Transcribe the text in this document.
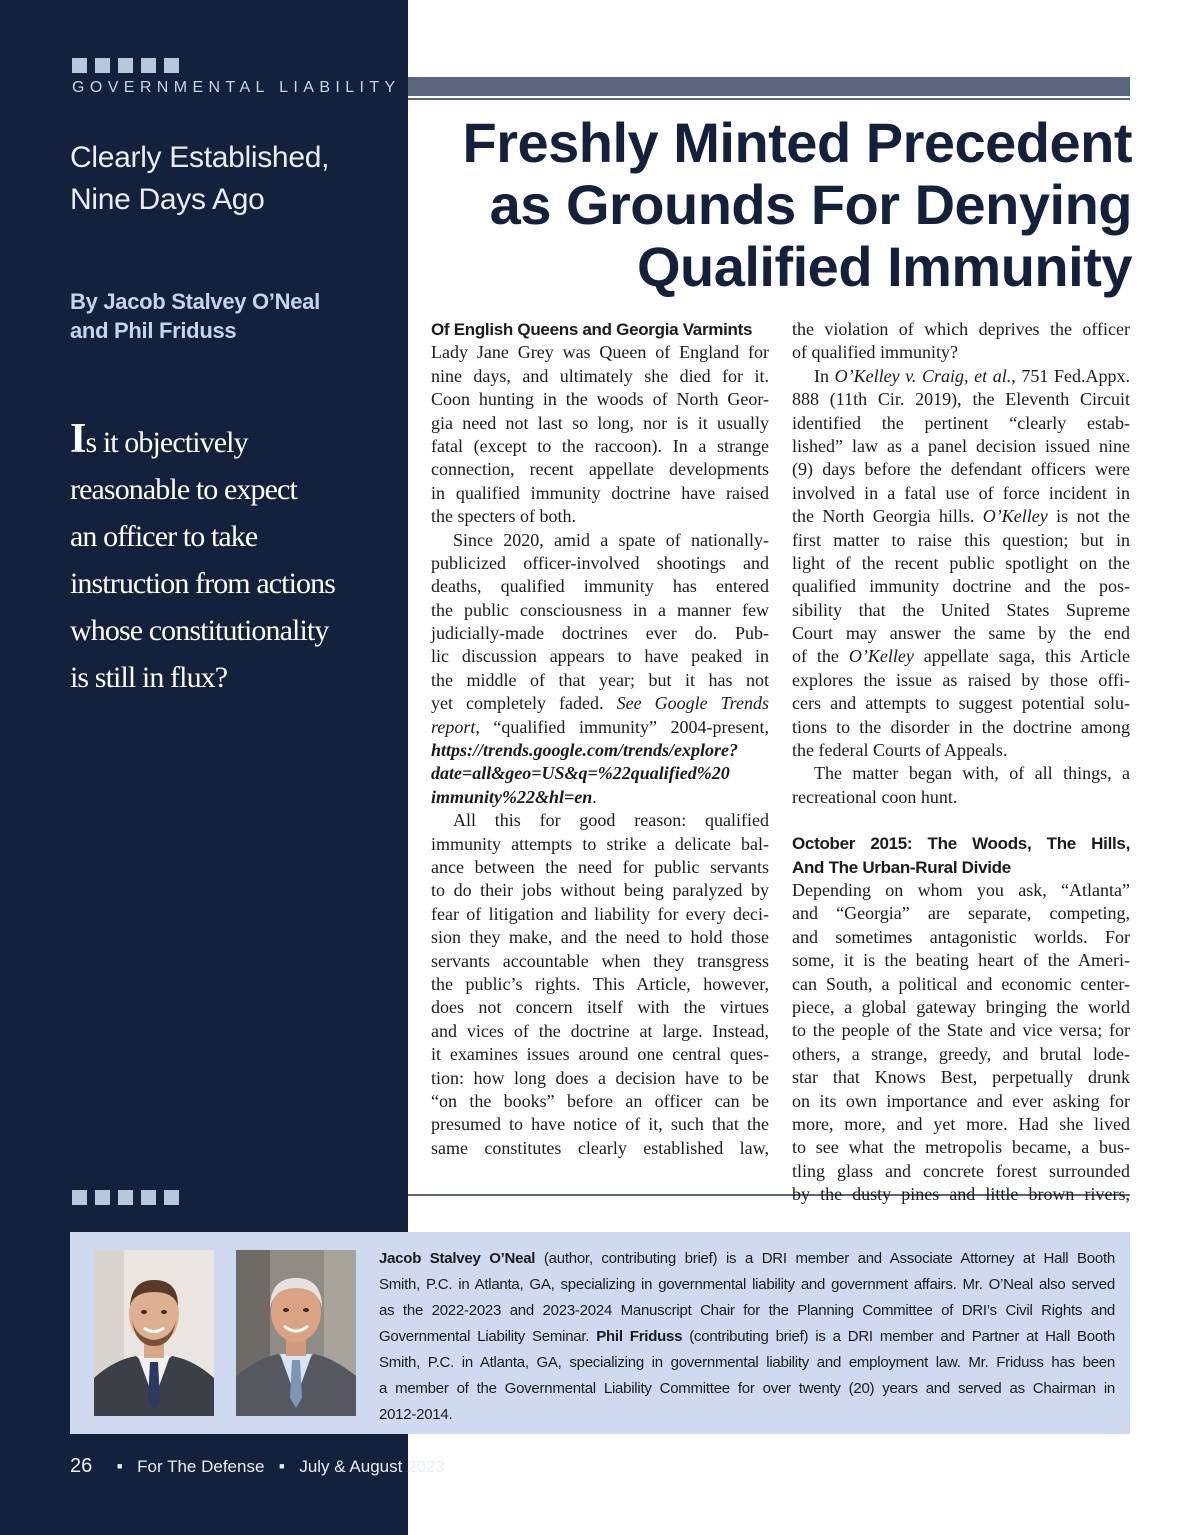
GOVERNMENTAL LIABILITY
Clearly Established,
Nine Days Ago
By Jacob Stalvey O’Neal
and Phil Friduss
Is it objectively
reasonable to expect
an officer to take
instruction from actions
whose constitutionality
is still in flux?
Freshly Minted Precedent
as Grounds For Denying
Qualified Immunity
Of English Queens and Georgia Varmints
Lady Jane Grey was Queen of England for
nine days, and ultimately she died for it.
Coon hunting in the woods of North Geor-
gia need not last so long, nor is it usually
fatal (except to the raccoon). In a strange
connection, recent appellate developments
in qualified immunity doctrine have raised
the specters of both.
Since 2020, amid a spate of nationally-
publicized officer-involved shootings and
deaths, qualified immunity has entered
the public consciousness in a manner few
judicially-made doctrines ever do. Pub-
lic discussion appears to have peaked in
the middle of that year; but it has not
yet completely faded. See Google Trends
report, “qualified immunity” 2004-present,
https://trends.google.com/trends/explore?
date=all&geo=US&q=%22qualified%20
immunity%22&hl=en.
All this for good reason: qualified
immunity attempts to strike a delicate bal-
ance between the need for public servants
to do their jobs without being paralyzed by
fear of litigation and liability for every deci-
sion they make, and the need to hold those
servants accountable when they transgress
the public’s rights. This Article, however,
does not concern itself with the virtues
and vices of the doctrine at large. Instead,
it examines issues around one central ques-
tion: how long does a decision have to be
“on the books” before an officer can be
presumed to have notice of it, such that the
same constitutes clearly established law,
the violation of which deprives the officer
of qualified immunity?
In O’Kelley v. Craig, et al., 751 Fed.Appx.
888 (11th Cir. 2019), the Eleventh Circuit
identified the pertinent “clearly estab-
lished” law as a panel decision issued nine
(9) days before the defendant officers were
involved in a fatal use of force incident in
the North Georgia hills. O’Kelley is not the
first matter to raise this question; but in
light of the recent public spotlight on the
qualified immunity doctrine and the pos-
sibility that the United States Supreme
Court may answer the same by the end
of the O’Kelley appellate saga, this Article
explores the issue as raised by those offi-
cers and attempts to suggest potential solu-
tions to the disorder in the doctrine among
the federal Courts of Appeals.
The matter began with, of all things, a
recreational coon hunt.
October 2015: The Woods, The Hills,
And The Urban-Rural Divide
Depending on whom you ask, “Atlanta”
and “Georgia” are separate, competing,
and sometimes antagonistic worlds. For
some, it is the beating heart of the Ameri-
can South, a political and economic center-
piece, a global gateway bringing the world
to the people of the State and vice versa; for
others, a strange, greedy, and brutal lode-
star that Knows Best, perpetually drunk
on its own importance and ever asking for
more, more, and yet more. Had she lived
to see what the metropolis became, a bus-
tling glass and concrete forest surrounded
by the dusty pines and little brown rivers,
Jacob Stalvey O’Neal (author, contributing brief) is a DRI member and Associate Attorney at Hall Booth
Smith, P.C. in Atlanta, GA, specializing in governmental liability and government affairs. Mr. O’Neal also served
as the 2022-2023 and 2023-2024 Manuscript Chair for the Planning Committee of DRI’s Civil Rights and
Governmental Liability Seminar. Phil Friduss (contributing brief) is a DRI member and Partner at Hall Booth
Smith, P.C. in Atlanta, GA, specializing in governmental liability and employment law. Mr. Friduss has been
a member of the Governmental Liability Committee for over twenty (20) years and served as Chairman in
2012-2014.
26	■ For The Defense ■ July & August 2023
